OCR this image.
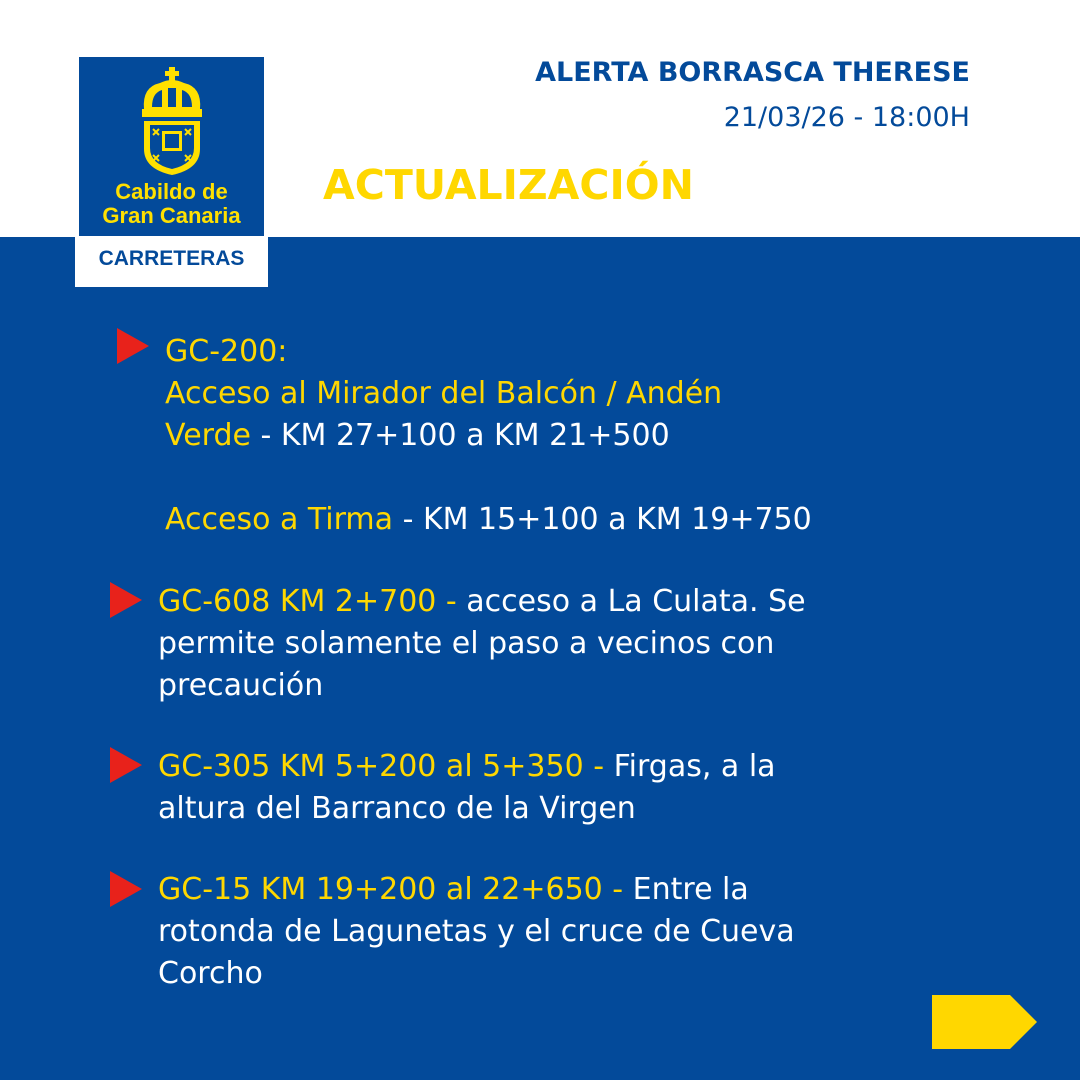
Cabildo de
Gran Canaria
CARRETERAS
ALERTA BORRASCA THERESE
21/03/26 - 18:00H
ACTUALIZACIÓN
GC-200:
Acceso al Mirador del Balcón / Andén
Verde - KM 27+100 a KM 21+500
Acceso a Tirma - KM 15+100 a KM 19+750
GC-608 KM 2+700 - acceso a La Culata. Se
permite solamente el paso a vecinos con
precaución
GC-305 KM 5+200 al 5+350 - Firgas, a la
altura del Barranco de la Virgen
GC-15 KM 19+200 al 22+650 - Entre la
rotonda de Lagunetas y el cruce de Cueva
Corcho
